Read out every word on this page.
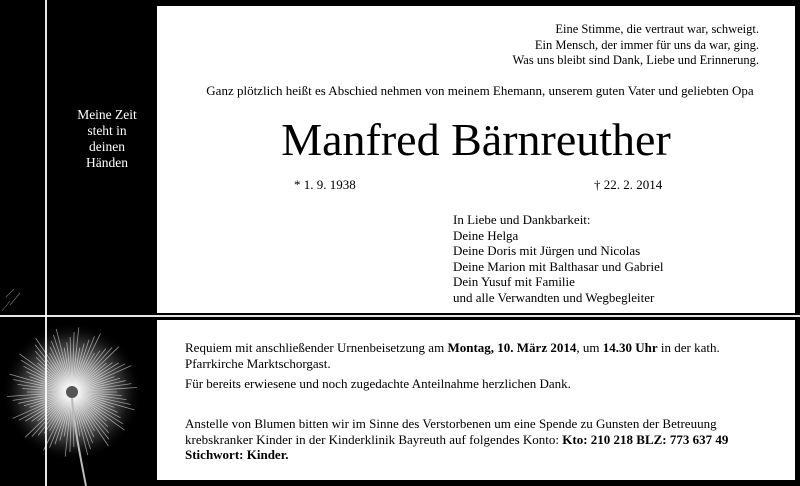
Meine Zeit
steht in
deinen
Händen
Eine Stimme, die vertraut war, schweigt.
Ein Mensch, der immer für uns da war, ging.
Was uns bleibt sind Dank, Liebe und Erinnerung.
Ganz plötzlich heißt es Abschied nehmen von meinem Ehemann, unserem guten Vater und geliebten Opa
Manfred Bärnreuther
* 1. 9. 1938	† 22. 2. 2014
In Liebe und Dankbarkeit:
Deine Helga
Deine Doris mit Jürgen und Nicolas
Deine Marion mit Balthasar und Gabriel
Dein Yusuf mit Familie
und alle Verwandten und Wegbegleiter
Requiem mit anschließender Urnenbeisetzung am Montag, 10. März 2014, um 14.30 Uhr in der kath.
Pfarrkirche Marktschorgast.
Für bereits erwiesene und noch zugedachte Anteilnahme herzlichen Dank.
Anstelle von Blumen bitten wir im Sinne des Verstorbenen um eine Spende zu Gunsten der Betreuung
krebskranker Kinder in der Kinderklinik Bayreuth auf folgendes Konto: Kto: 210 218 BLZ: 773 637 49
Stichwort: Kinder.
